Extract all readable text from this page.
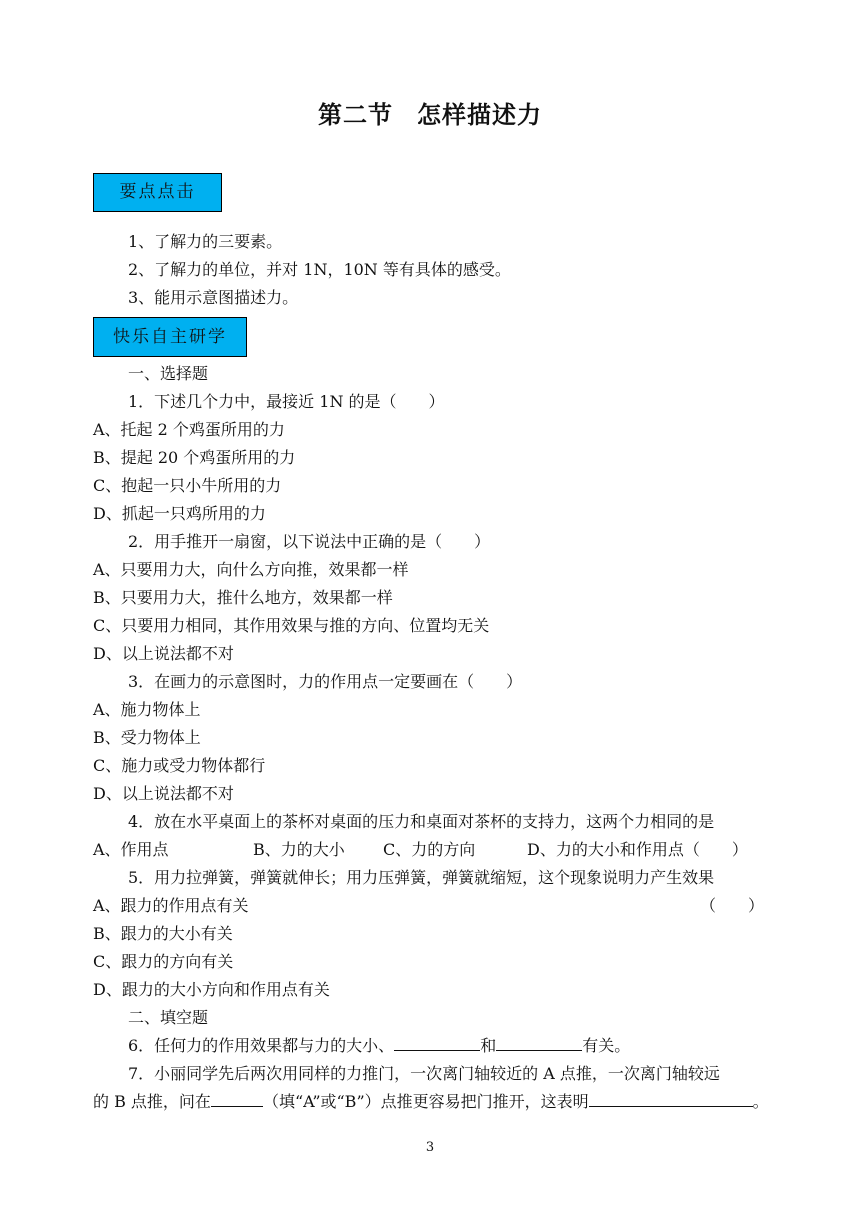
第二节 怎样描述力
要点点击
1、了解力的三要素。
2、了解力的单位，并对 1N，10N 等有具体的感受。
3、能用示意图描述力。
快乐自主研学
一、选择题
1．下述几个力中，最接近 1N 的是（　　）
A、托起 2 个鸡蛋所用的力
B、提起 20 个鸡蛋所用的力
C、抱起一只小牛所用的力
D、抓起一只鸡所用的力
2．用手推开一扇窗，以下说法中正确的是（　　）
A、只要用力大，向什么方向推，效果都一样
B、只要用力大，推什么地方，效果都一样
C、只要用力相同，其作用效果与推的方向、位置均无关
D、以上说法都不对
3．在画力的示意图时，力的作用点一定要画在（　　）
A、施力物体上
B、受力物体上
C、施力或受力物体都行
D、以上说法都不对
4．放在水平桌面上的茶杯对桌面的压力和桌面对茶杯的支持力，这两个力相同的是
A、作用点	B、力的大小 C、力的方向	D、力的大小和作用点（　　）
5．用力拉弹簧，弹簧就伸长；用力压弹簧，弹簧就缩短，这个现象说明力产生效果
A、跟力的作用点有关	（　　）
B、跟力的大小有关
C、跟力的方向有关
D、跟力的大小方向和作用点有关
二、填空题
6．任何力的作用效果都与力的大小、	和	有关。
7．小丽同学先后两次用同样的力推门，一次离门轴较近的 A 点推，一次离门轴较远
的 B 点推，问在	（填“A”或“B”）点推更容易把门推开，这表明	。
3
